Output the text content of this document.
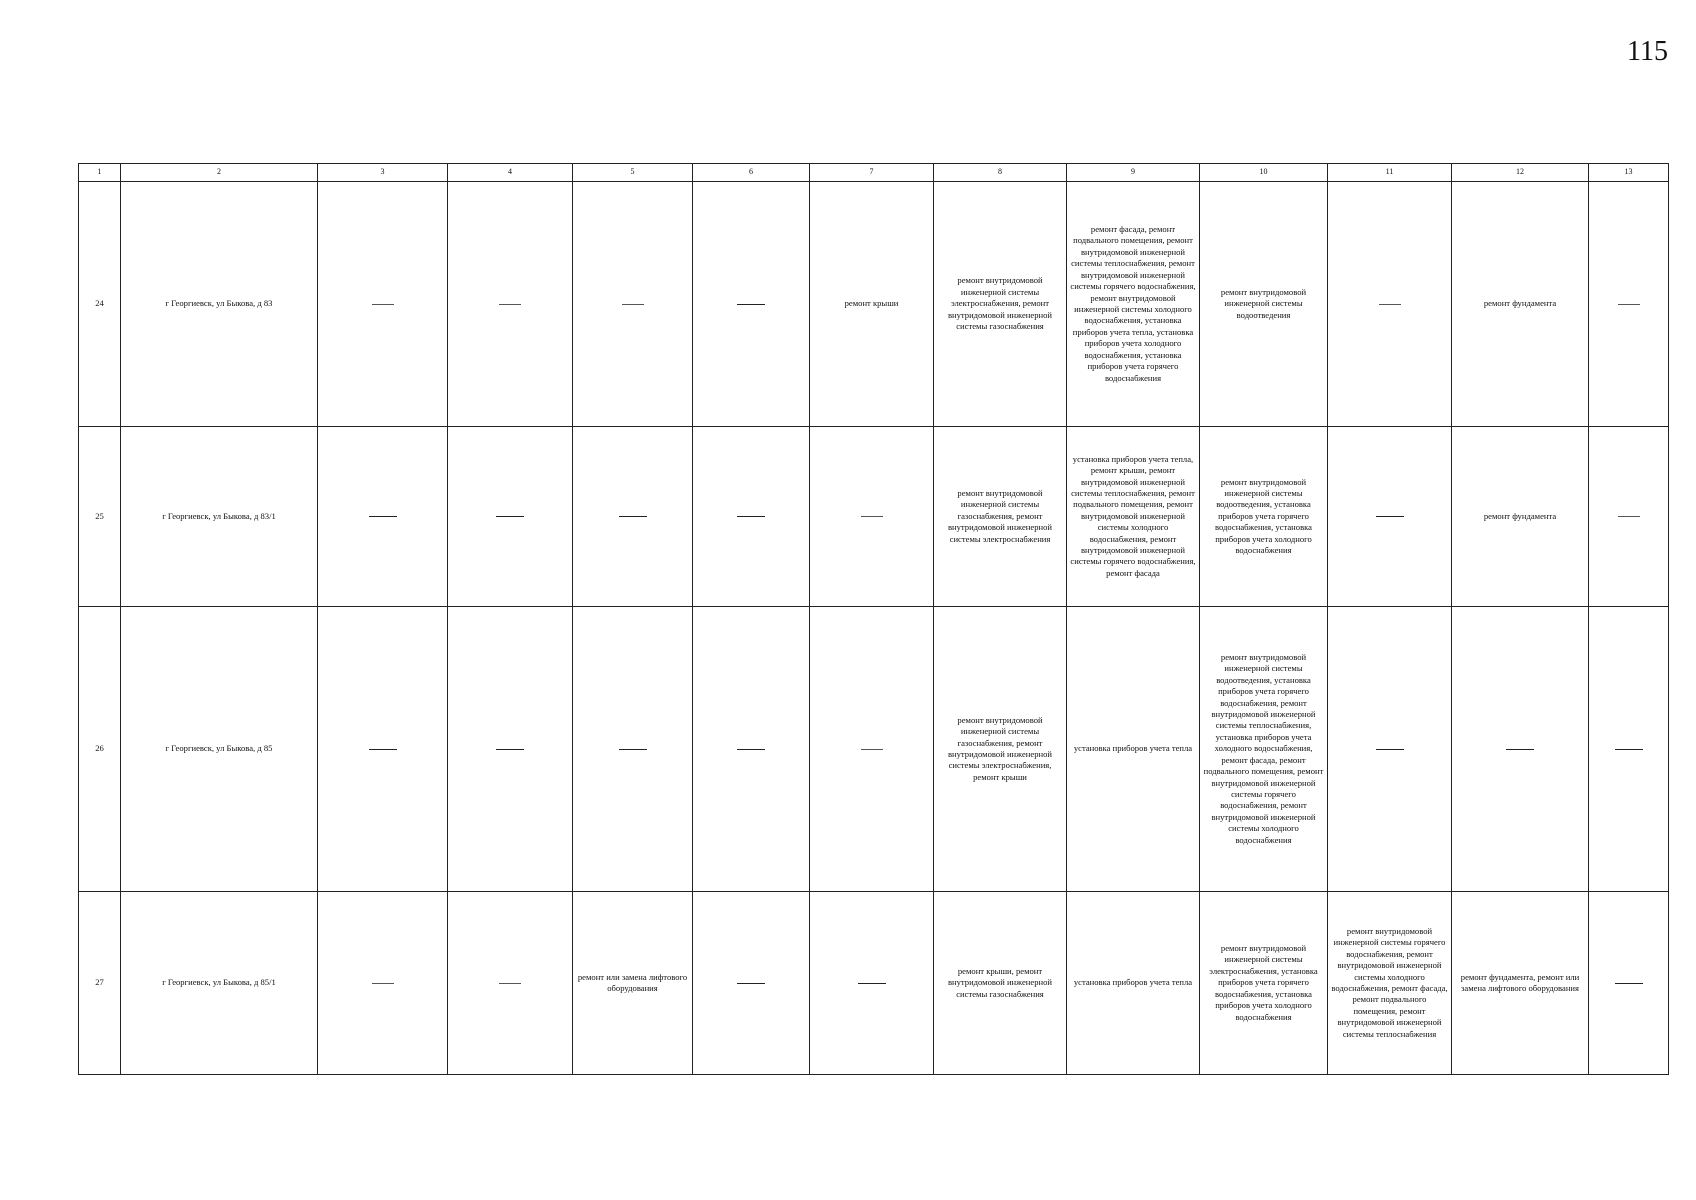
115
1	2	3	4	5	6	7	8	9	10	11	12	13
24	г Георгиевск, ул Быкова, д 83					ремонт крыши	ремонт внутридомовой инженерной системы электроснабжения, ремонт внутридомовой инженерной системы газоснабжения	ремонт фасада, ремонт подвального помещения, ремонт внутридомовой инженерной системы теплоснабжения, ремонт внутридомовой инженерной системы горячего водоснабжения, ремонт внутридомовой инженерной системы холодного водоснабжения, установка приборов учета тепла, установка приборов учета холодного водоснабжения, установка приборов учета горячего водоснабжения	ремонт внутридомовой инженерной системы водоотведения		ремонт фундамента	
25	г Георгиевск, ул Быкова, д 83/1						ремонт внутридомовой инженерной системы газоснабжения, ремонт внутридомовой инженерной системы электроснабжения	установка приборов учета тепла, ремонт крыши, ремонт внутридомовой инженерной системы теплоснабжения, ремонт подвального помещения, ремонт внутридомовой инженерной системы холодного водоснабжения, ремонт внутридомовой инженерной системы горячего водоснабжения, ремонт фасада	ремонт внутридомовой инженерной системы водоотведения, установка приборов учета горячего водоснабжения, установка приборов учета холодного водоснабжения		ремонт фундамента	
26	г Георгиевск, ул Быкова, д 85						ремонт внутридомовой инженерной системы газоснабжения, ремонт внутридомовой инженерной системы электроснабжения, ремонт крыши	установка приборов учета тепла	ремонт внутридомовой инженерной системы водоотведения, установка приборов учета горячего водоснабжения, ремонт внутридомовой инженерной системы теплоснабжения, установка приборов учета холодного водоснабжения, ремонт фасада, ремонт подвального помещения, ремонт внутридомовой инженерной системы горячего водоснабжения, ремонт внутридомовой инженерной системы холодного водоснабжения			
27	г Георгиевск, ул Быкова, д 85/1			ремонт или замена лифтового оборудования			ремонт крыши, ремонт внутридомовой инженерной системы газоснабжения	установка приборов учета тепла	ремонт внутридомовой инженерной системы электроснабжения, установка приборов учета горячего водоснабжения, установка приборов учета холодного водоснабжения	ремонт внутридомовой инженерной системы горячего водоснабжения, ремонт внутридомовой инженерной системы холодного водоснабжения, ремонт фасада, ремонт подвального помещения, ремонт внутридомовой инженерной системы теплоснабжения	ремонт фундамента, ремонт или замена лифтового оборудования	
